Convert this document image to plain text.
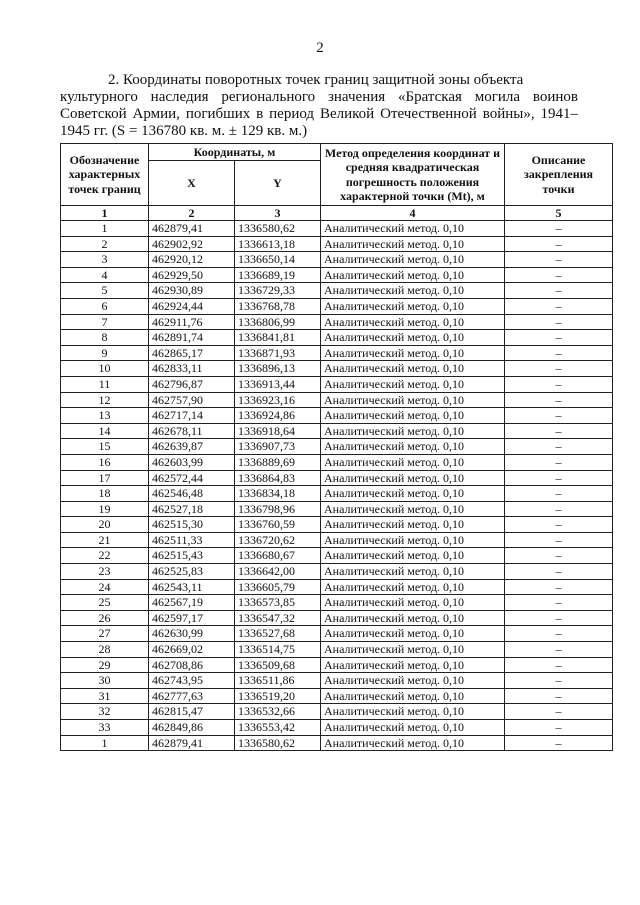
2
2. Координаты поворотных точек границ защитной зоны объекта
культурного наследия регионального значения «Братская могила воинов Советской Армии, погибших в период Великой Отечественной войны», 1941–1945 гг. (S = 136780 кв. м. ± 129 кв. м.)
Обозначение характерных точек границ	Координаты, м		Метод определения координат и средняя квадратическая погрешность положения характерной точки (Mt), м	Описание закрепления точки
	X	Y		
1	2	3	4	5
1	462879,41	1336580,62	Аналитический метод. 0,10	–
2	462902,92	1336613,18	Аналитический метод. 0,10	–
3	462920,12	1336650,14	Аналитический метод. 0,10	–
4	462929,50	1336689,19	Аналитический метод. 0,10	–
5	462930,89	1336729,33	Аналитический метод. 0,10	–
6	462924,44	1336768,78	Аналитический метод. 0,10	–
7	462911,76	1336806,99	Аналитический метод. 0,10	–
8	462891,74	1336841,81	Аналитический метод. 0,10	–
9	462865,17	1336871,93	Аналитический метод. 0,10	–
10	462833,11	1336896,13	Аналитический метод. 0,10	–
11	462796,87	1336913,44	Аналитический метод. 0,10	–
12	462757,90	1336923,16	Аналитический метод. 0,10	–
13	462717,14	1336924,86	Аналитический метод. 0,10	–
14	462678,11	1336918,64	Аналитический метод. 0,10	–
15	462639,87	1336907,73	Аналитический метод. 0,10	–
16	462603,99	1336889,69	Аналитический метод. 0,10	–
17	462572,44	1336864,83	Аналитический метод. 0,10	–
18	462546,48	1336834,18	Аналитический метод. 0,10	–
19	462527,18	1336798,96	Аналитический метод. 0,10	–
20	462515,30	1336760,59	Аналитический метод. 0,10	–
21	462511,33	1336720,62	Аналитический метод. 0,10	–
22	462515,43	1336680,67	Аналитический метод. 0,10	–
23	462525,83	1336642,00	Аналитический метод. 0,10	–
24	462543,11	1336605,79	Аналитический метод. 0,10	–
25	462567,19	1336573,85	Аналитический метод. 0,10	–
26	462597,17	1336547,32	Аналитический метод. 0,10	–
27	462630,99	1336527,68	Аналитический метод. 0,10	–
28	462669,02	1336514,75	Аналитический метод. 0,10	–
29	462708,86	1336509,68	Аналитический метод. 0,10	–
30	462743,95	1336511,86	Аналитический метод. 0,10	–
31	462777,63	1336519,20	Аналитический метод. 0,10	–
32	462815,47	1336532,66	Аналитический метод. 0,10	–
33	462849,86	1336553,42	Аналитический метод. 0,10	–
1	462879,41	1336580,62	Аналитический метод. 0,10	–
